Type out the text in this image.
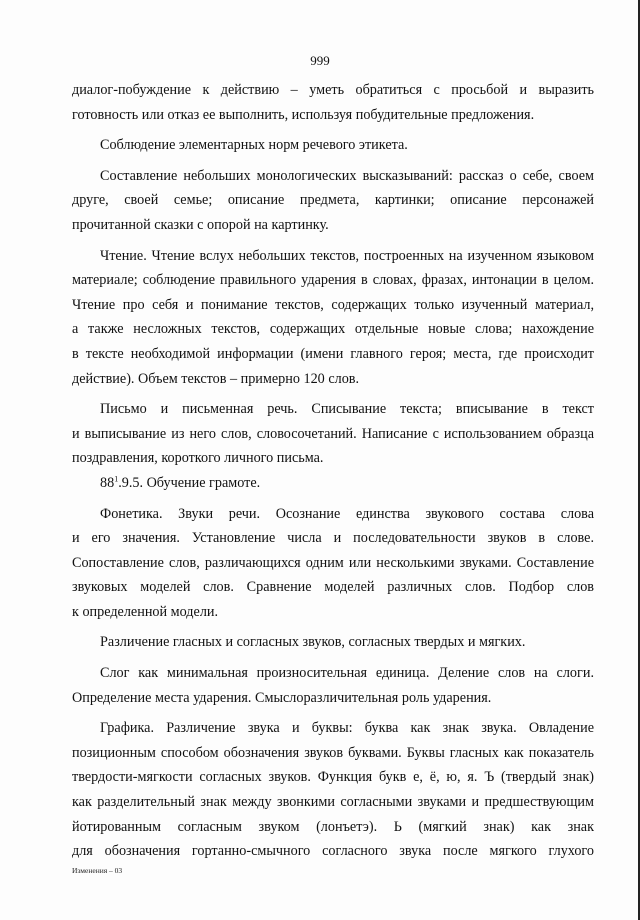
999
диалог-побуждение к действию – уметь обратиться с просьбой и выразить
готовность или отказ ее выполнить, используя побудительные предложения.
Соблюдение элементарных норм речевого этикета.
Составление небольших монологических высказываний: рассказ о себе, своем
друге, своей семье; описание предмета, картинки; описание персонажей
прочитанной сказки с опорой на картинку.
Чтение. Чтение вслух небольших текстов, построенных на изученном языковом
материале; соблюдение правильного ударения в словах, фразах, интонации в целом.
Чтение про себя и понимание текстов, содержащих только изученный материал,
а также несложных текстов, содержащих отдельные новые слова; нахождение
в тексте необходимой информации (имени главного героя; места, где происходит
действие). Объем текстов – примерно 120 слов.
Письмо и письменная речь. Списывание текста; вписывание в текст
и выписывание из него слов, словосочетаний. Написание с использованием образца
поздравления, короткого личного письма.
$88^1.9.5$. Обучение грамоте.
Фонетика. Звуки речи. Осознание единства звукового состава слова
и его значения. Установление числа и последовательности звуков в слове.
Сопоставление слов, различающихся одним или несколькими звуками. Составление
звуковых моделей слов. Сравнение моделей различных слов. Подбор слов
к определенной модели.
Различение гласных и согласных звуков, согласных твердых и мягких.
Слог как минимальная произносительная единица. Деление слов на слоги.
Определение места ударения. Смыслоразличительная роль ударения.
Графика. Различение звука и буквы: буква как знак звука. Овладение
позиционным способом обозначения звуков буквами. Буквы гласных как показатель
твердости-мягкости согласных звуков. Функция букв е, ё, ю, я. Ъ (твердый знак)
как разделительный знак между звонкими согласными звуками и предшествующим
йотированным согласным звуком (лонъетэ). Ь (мягкий знак) как знак
для обозначения гортанно-смычного согласного звука после мягкого глухого
Изменения – 03
